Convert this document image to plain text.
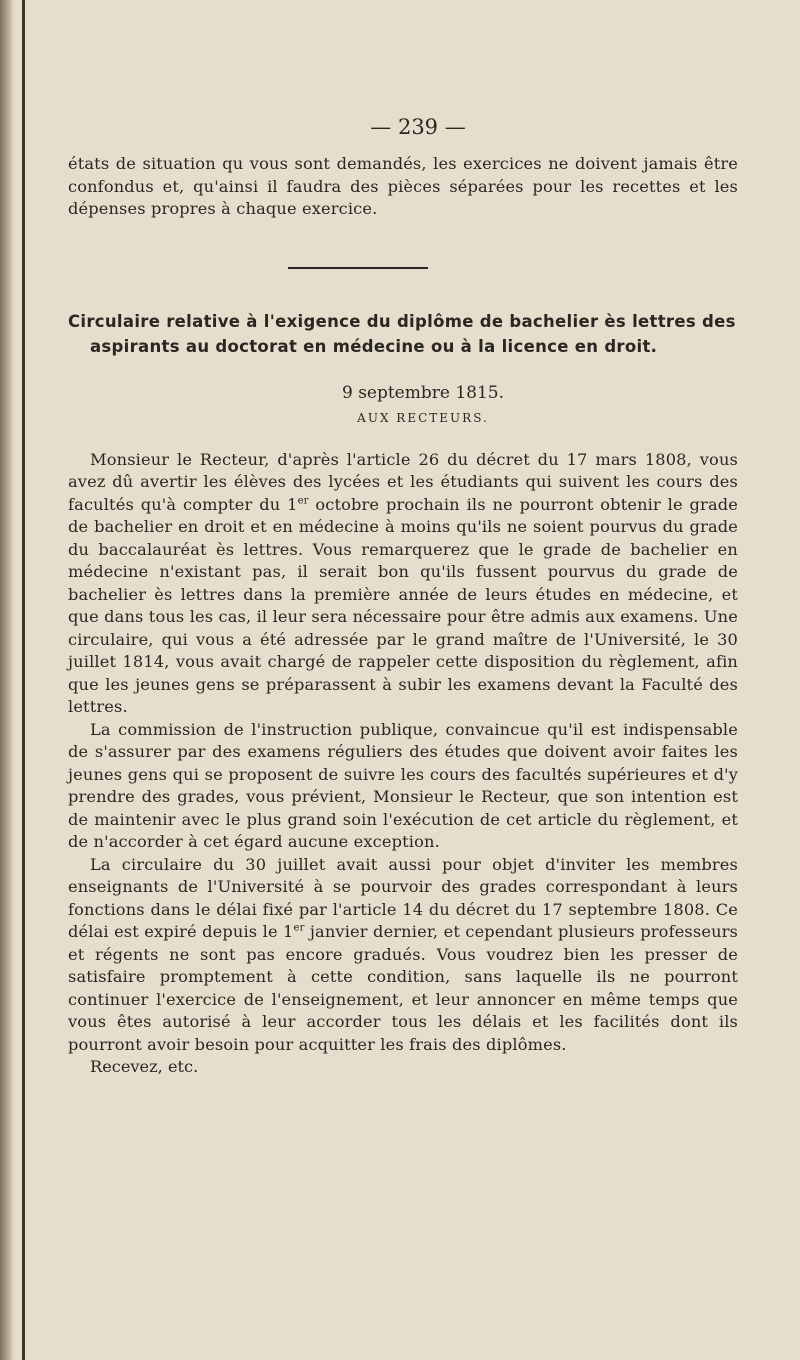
— 239 —

états de situation qu vous sont demandés, les exercices ne doivent jamais être confondus et, qu'ainsi il faudra des pièces séparées pour les recettes et les dépenses propres à chaque exercice.

Circulaire relative à l'exigence du diplôme de bachelier ès lettres des aspirants au doctorat en médecine ou à la licence en droit.
9 septembre 1815.
AUX RECTEURS.

Monsieur le Recteur, d'après l'article 26 du décret du 17 mars 1808, vous avez dû avertir les élèves des lycées et les étudiants qui suivent les cours des facultés qu'à compter du 1er octobre prochain ils ne pourront obtenir le grade de bachelier en droit et en médecine à moins qu'ils ne soient pourvus du grade du baccalauréat ès lettres. Vous remarquerez que le grade de bachelier en médecine n'existant pas, il serait bon qu'ils fussent pourvus du grade de bachelier ès lettres dans la première année de leurs études en médecine, et que dans tous les cas, il leur sera nécessaire pour être admis aux examens. Une circulaire, qui vous a été adressée par le grand maître de l'Université, le 30 juillet 1814, vous avait chargé de rappeler cette disposition du règlement, afin que les jeunes gens se préparassent à subir les examens devant la Faculté des lettres.

La commission de l'instruction publique, convaincue qu'il est indispensable de s'assurer par des examens réguliers des études que doivent avoir faites les jeunes gens qui se proposent de suivre les cours des facultés supérieures et d'y prendre des grades, vous prévient, Monsieur le Recteur, que son intention est de maintenir avec le plus grand soin l'exécution de cet article du règlement, et de n'accorder à cet égard aucune exception.

La circulaire du 30 juillet avait aussi pour objet d'inviter les membres enseignants de l'Université à se pourvoir des grades correspondant à leurs fonctions dans le délai fixé par l'article 14 du décret du 17 septembre 1808. Ce délai est expiré depuis le 1er janvier dernier, et cependant plusieurs professeurs et régents ne sont pas encore gradués. Vous voudrez bien les presser de satisfaire promptement à cette condition, sans laquelle ils ne pourront continuer l'exercice de l'enseignement, et leur annoncer en même temps que vous êtes autorisé à leur accorder tous les délais et les facilités dont ils pourront avoir besoin pour acquitter les frais des diplômes.

Recevez, etc.
